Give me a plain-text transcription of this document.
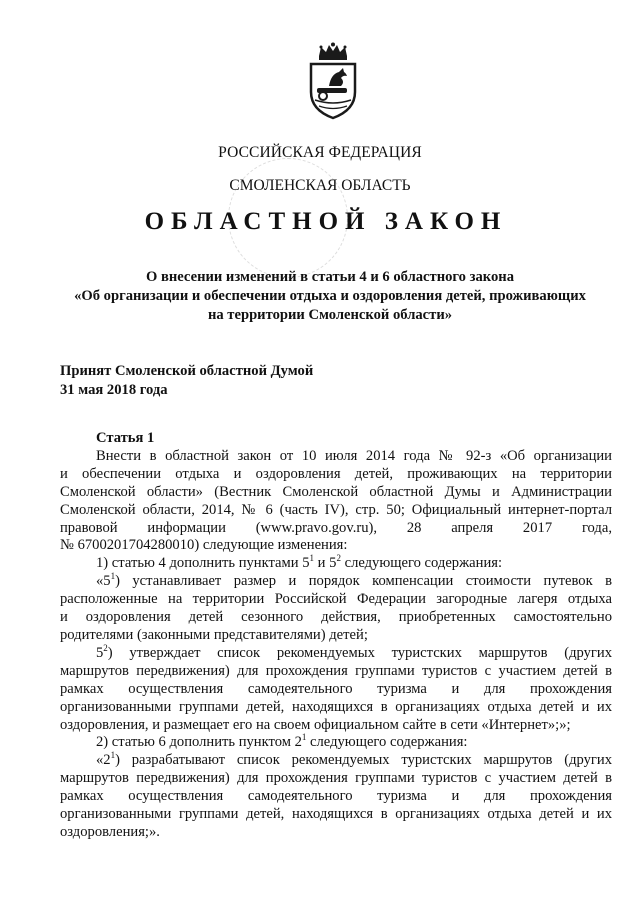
РОССИЙСКАЯ ФЕДЕРАЦИЯ
СМОЛЕНСКАЯ ОБЛАСТЬ
ОБЛАСТНОЙ ЗАКОН
О внесении изменений в статьи 4 и 6 областного закона
«Об организации и обеспечении отдыха и оздоровления детей, проживающих
на территории Смоленской области»
Принят Смоленской областной Думой
31 мая 2018 года

Статья 1

Внести в областной закон от 10 июля 2014 года № 92-з «Об организации

и обеспечении отдыха и оздоровления детей, проживающих на территории

Смоленской области» (Вестник Смоленской областной Думы и Администрации

Смоленской области, 2014, № 6 (часть IV), стр. 50; Официальный интернет-портал

правовой информации (www.pravo.gov.ru), 28 апреля 2017 года,

№ 6700201704280010) следующие изменения:

1) статью 4 дополнить пунктами $5^1$ и $5^2$ следующего содержания:

«$5^1$) устанавливает размер и порядок компенсации стоимости путевок в

расположенные на территории Российской Федерации загородные лагеря отдыха

и оздоровления детей сезонного действия, приобретенных самостоятельно

родителями (законными представителями) детей;

$5^2$) утверждает список рекомендуемых туристских маршрутов (других

маршрутов передвижения) для прохождения группами туристов с участием детей в

рамках осуществления самодеятельного туризма и для прохождения

организованными группами детей, находящихся в организациях отдыха детей и их

оздоровления, и размещает его на своем официальном сайте в сети «Интернет»;»;

2) статью 6 дополнить пунктом $2^1$ следующего содержания:

«$2^1$) разрабатывают список рекомендуемых туристских маршрутов (других

маршрутов передвижения) для прохождения группами туристов с участием детей в

рамках осуществления самодеятельного туризма и для прохождения

организованными группами детей, находящихся в организациях отдыха детей и их

оздоровления;».
